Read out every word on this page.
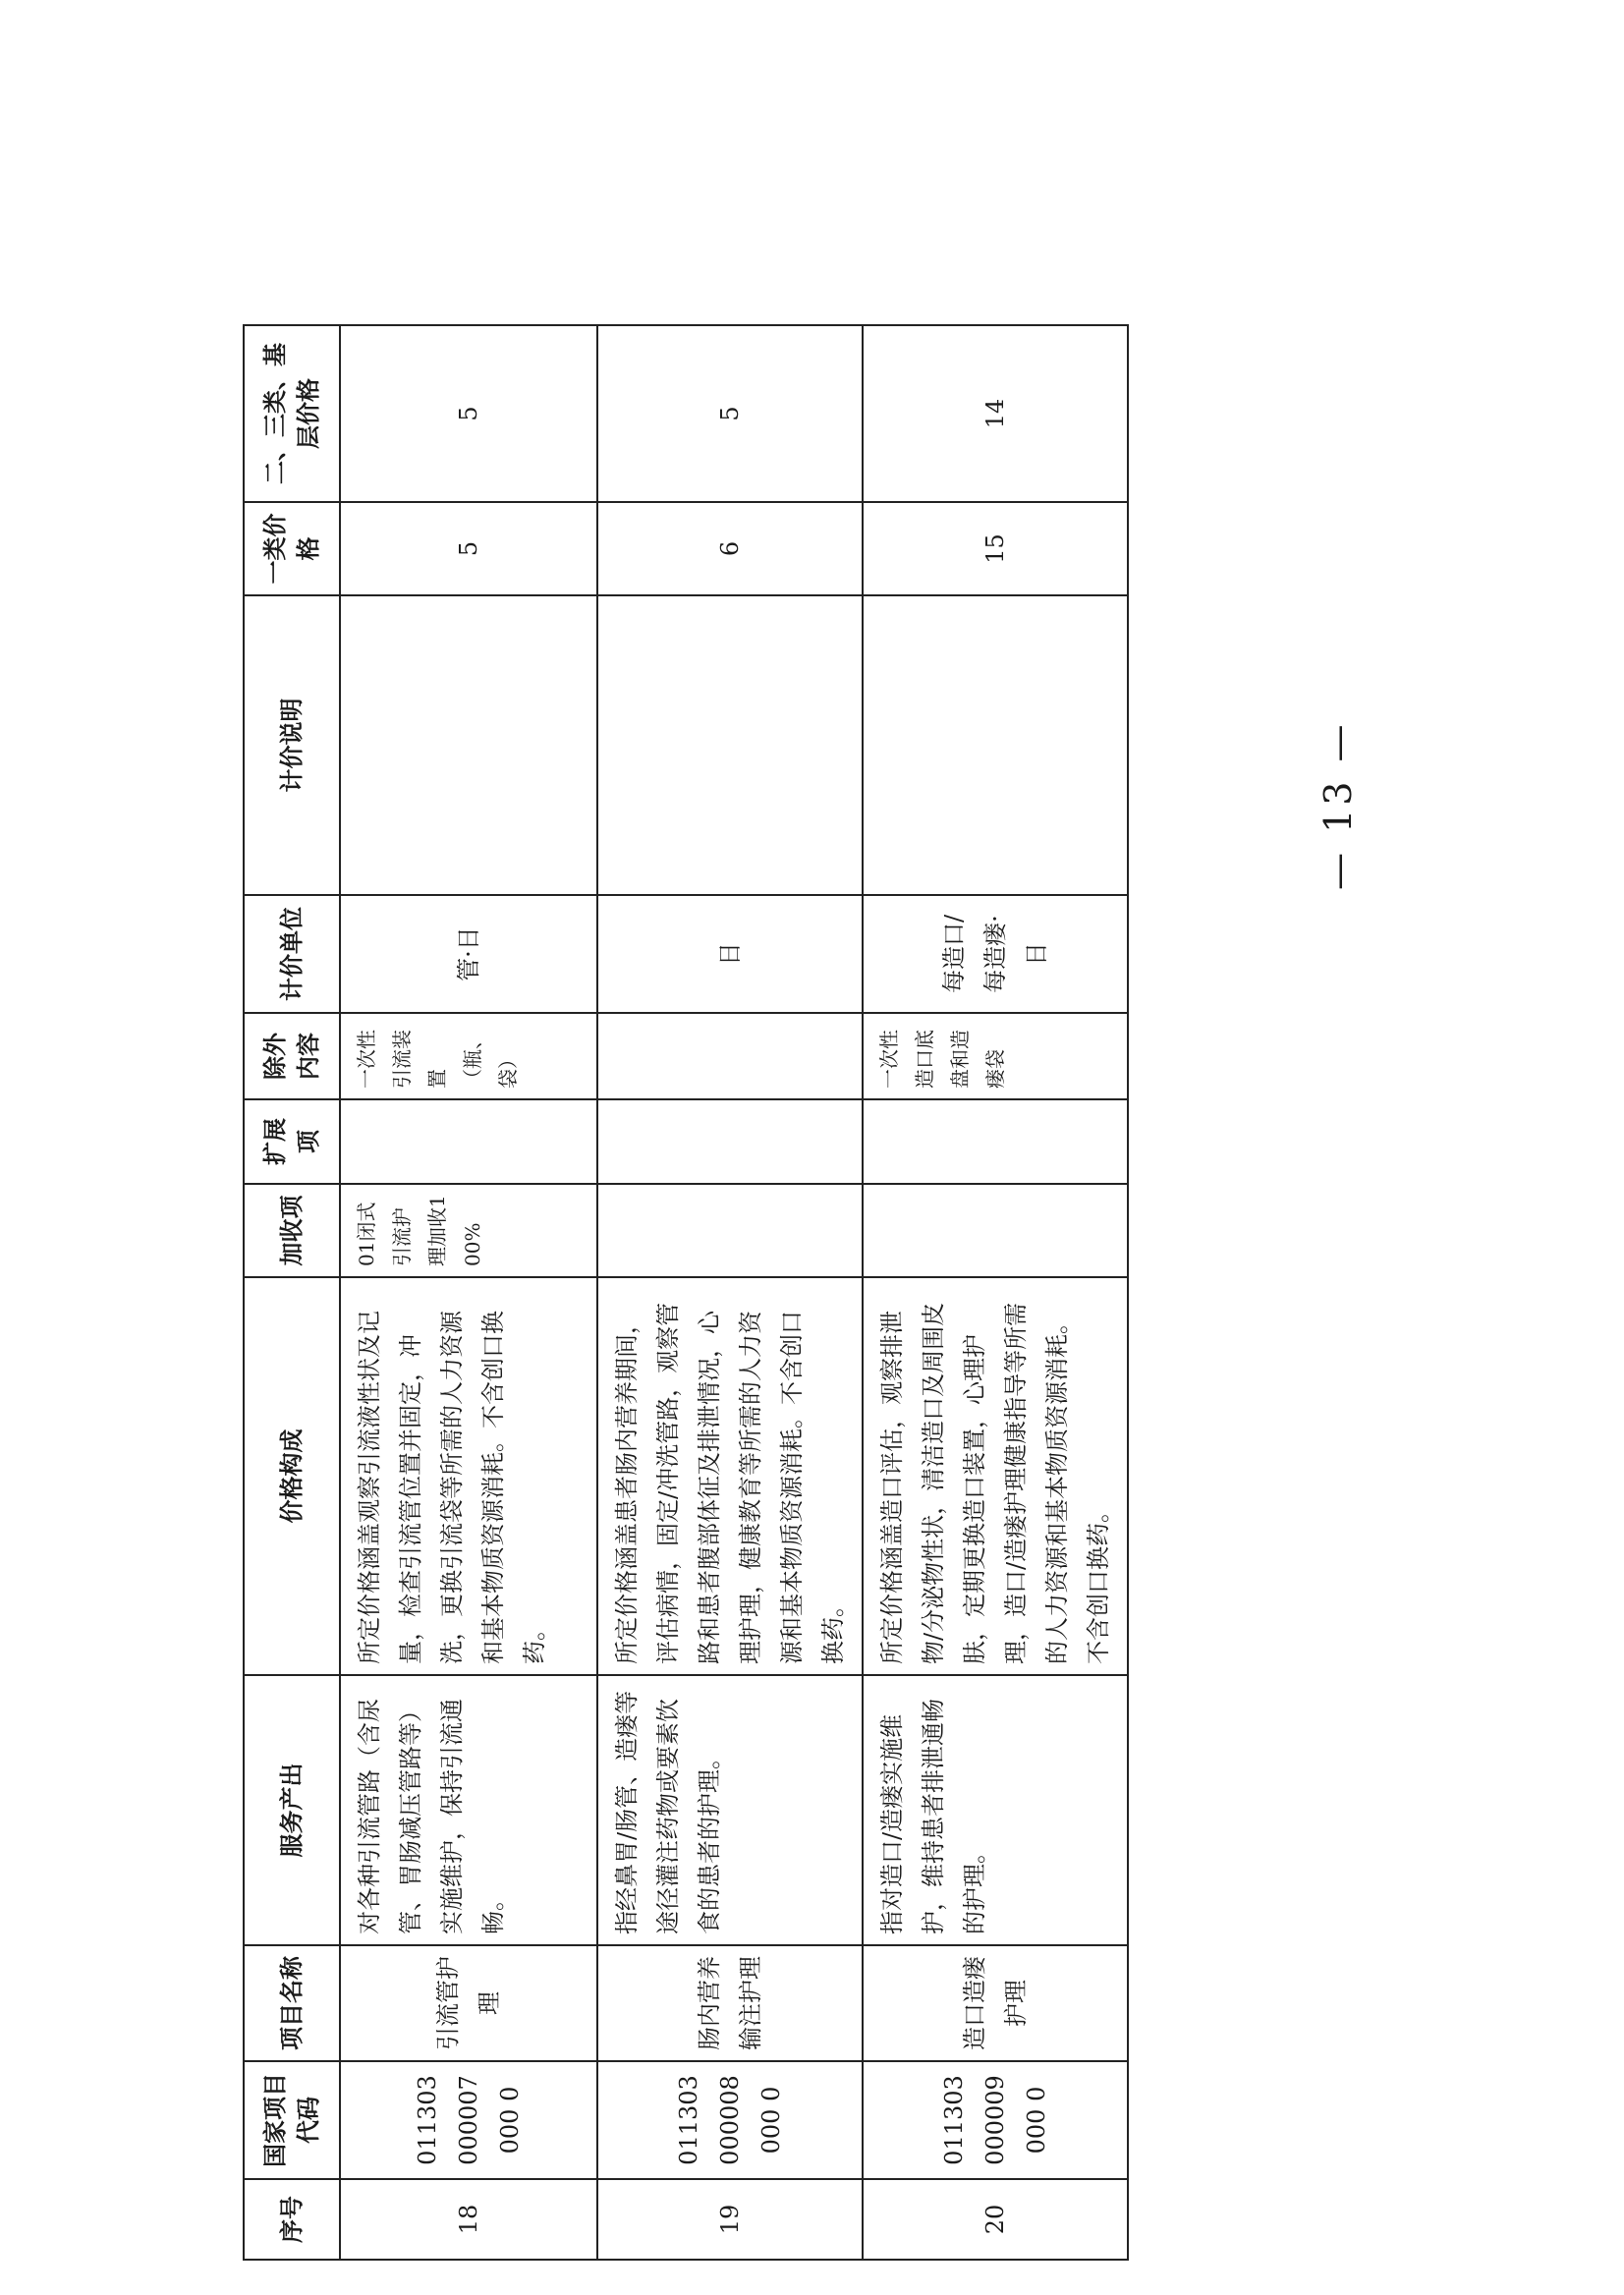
序号	国家项目代码	项目名称	服务产出	价格构成	加收项	扩展项	除外内容	计价单位	计价说明	一类价格	二、三类、基层价格
18	011303000007000 0	引流管护理	对各种引流管路（含尿管、胃肠减压管路等）实施维护，保持引流通畅。	所定价格涵盖观察引流液性状及记量，检查引流管位置并固定，冲洗，更换引流袋等所需的人力资源和基本物质资源消耗。不含创口换药。	01闭式引流护理加收100%		一次性引流装置（瓶、袋）	管·日		5	5
19	011303000008000 0	肠内营养输注护理	指经鼻胃/肠管、造瘘等途径灌注药物或要素饮食的患者的护理。	所定价格涵盖患者肠内营养期间，评估病情，固定/冲洗管路，观察管路和患者腹部体征及排泄情况，心理护理，健康教育等所需的人力资源和基本物质资源消耗。不含创口换药。				日		6	5
20	011303000009000 0	造口造瘘护理	指对造口/造瘘实施维护，维持患者排泄通畅的护理。	所定价格涵盖造口评估，观察排泄物/分泌物性状，清洁造口及周围皮肤，定期更换造口装置，心理护理，造口/造瘘护理健康指导等所需的人力资源和基本物质资源消耗。不含创口换药。			一次性造口底盘和造瘘袋	每造口/每造瘘·日		15	14
— 13 —
